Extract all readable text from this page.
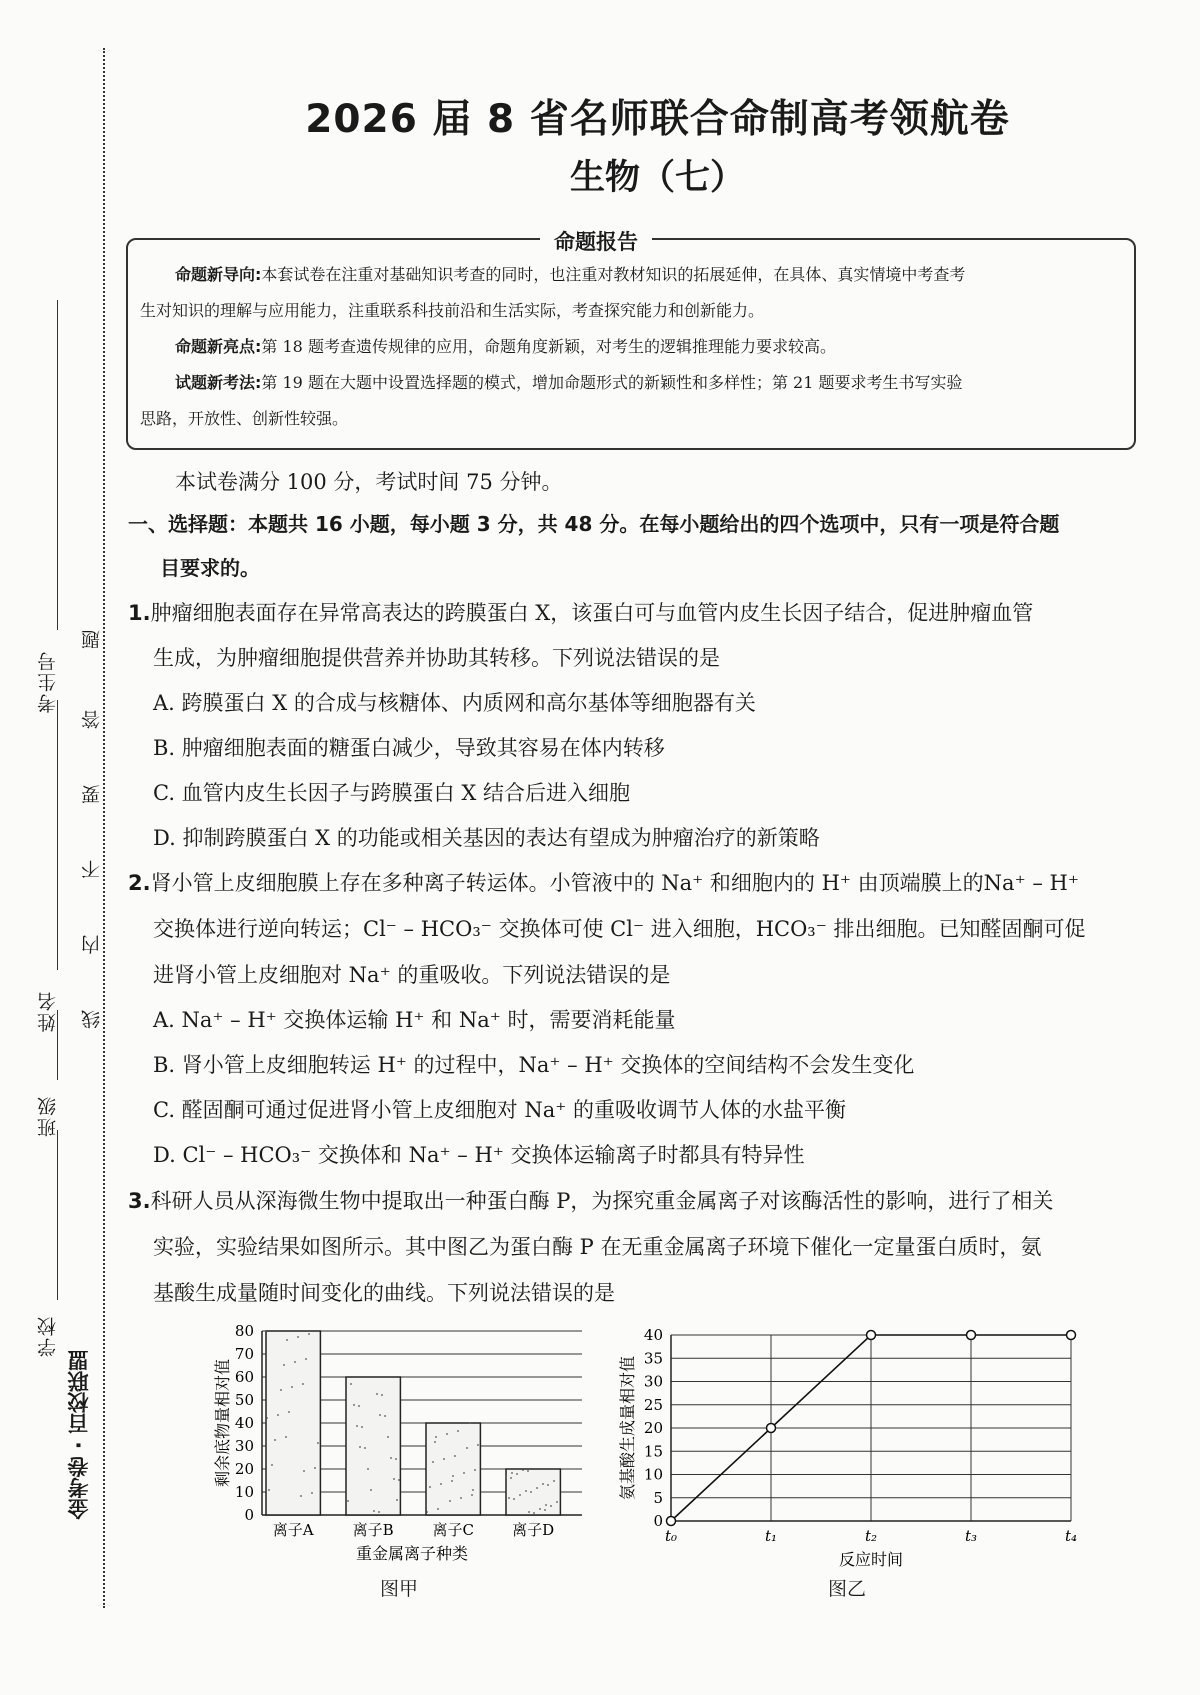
考生号
姓名
班级
学校
题
答
要
不
内
线
金考卷 · 百校联盟
2026 届 8 省名师联合命制高考领航卷
生物（七）
命题报告
命题新导向:本套试卷在注重对基础知识考查的同时，也注重对教材知识的拓展延伸，在具体、真实情境中考查考
生对知识的理解与应用能力，注重联系科技前沿和生活实际，考查探究能力和创新能力。
命题新亮点:第 18 题考查遗传规律的应用，命题角度新颖，对考生的逻辑推理能力要求较高。
试题新考法:第 19 题在大题中设置选择题的模式，增加命题形式的新颖性和多样性；第 21 题要求考生书写实验
思路，开放性、创新性较强。
本试卷满分 100 分，考试时间 75 分钟。
一、选择题：本题共 16 小题，每小题 3 分，共 48 分。在每小题给出的四个选项中，只有一项是符合题
目要求的。
1.肿瘤细胞表面存在异常高表达的跨膜蛋白 X，该蛋白可与血管内皮生长因子结合，促进肿瘤血管
生成，为肿瘤细胞提供营养并协助其转移。下列说法错误的是
A. 跨膜蛋白 X 的合成与核糖体、内质网和高尔基体等细胞器有关
B. 肿瘤细胞表面的糖蛋白减少，导致其容易在体内转移
C. 血管内皮生长因子与跨膜蛋白 X 结合后进入细胞
D. 抑制跨膜蛋白 X 的功能或相关基因的表达有望成为肿瘤治疗的新策略
2.肾小管上皮细胞膜上存在多种离子转运体。小管液中的 Na⁺ 和细胞内的 H⁺ 由顶端膜上的Na⁺ – H⁺
交换体进行逆向转运；Cl⁻ – HCO₃⁻ 交换体可使 Cl⁻ 进入细胞，HCO₃⁻ 排出细胞。已知醛固酮可促
进肾小管上皮细胞对 Na⁺ 的重吸收。下列说法错误的是
A. Na⁺ – H⁺ 交换体运输 H⁺ 和 Na⁺ 时，需要消耗能量
B. 肾小管上皮细胞转运 H⁺ 的过程中，Na⁺ – H⁺ 交换体的空间结构不会发生变化
C. 醛固酮可通过促进肾小管上皮细胞对 Na⁺ 的重吸收调节人体的水盐平衡
D. Cl⁻ – HCO₃⁻ 交换体和 Na⁺ – H⁺ 交换体运输离子时都具有特异性
3.科研人员从深海微生物中提取出一种蛋白酶 P，为探究重金属离子对该酶活性的影响，进行了相关
实验，实验结果如图所示。其中图乙为蛋白酶 P 在无重金属离子环境下催化一定量蛋白质时，氨
基酸生成量随时间变化的曲线。下列说法错误的是
0
10
20
30
40
50
60
70
80
离子A	离子B	离子C	离子D
重金属离子种类
剩余底物量相对值
图甲
0
5
10
15
20
25
30
35
40
t₀	t₁	t₂	t₃	t₄
反应时间
氨基酸生成量相对值
图乙
